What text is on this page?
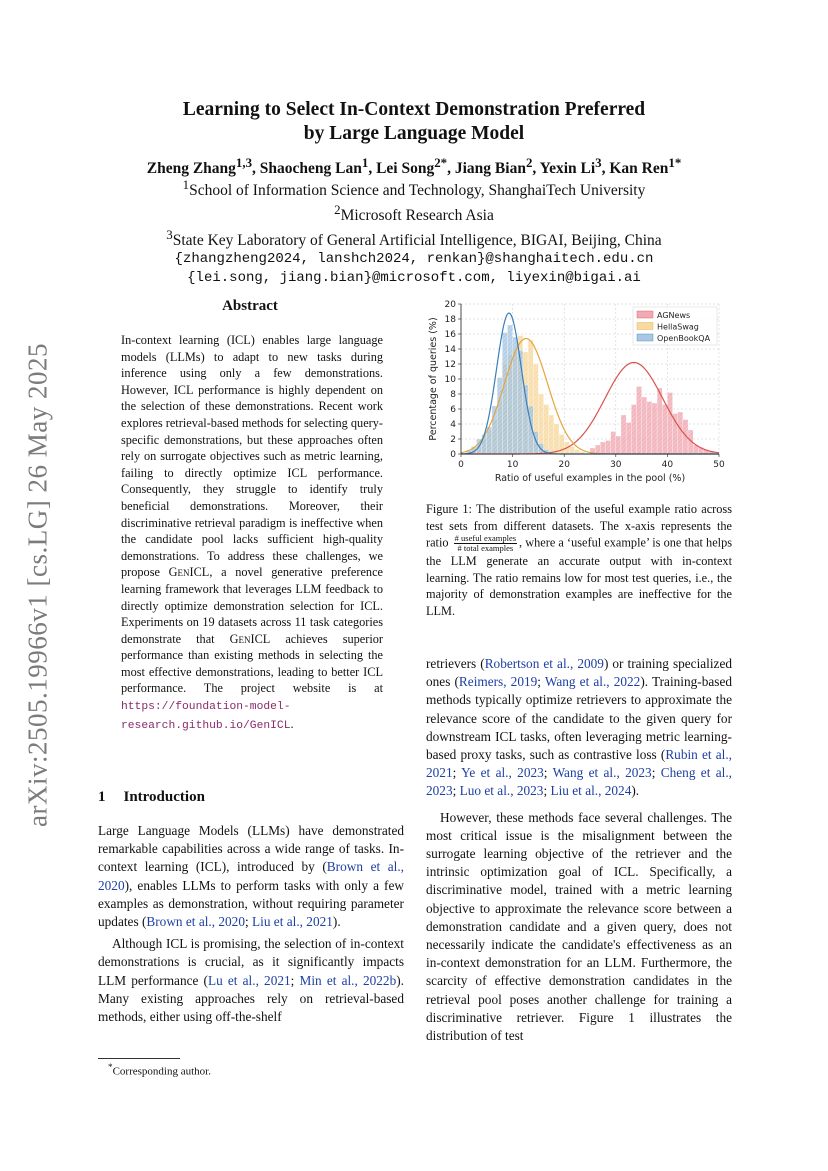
arXiv:2505.19966v1 [cs.LG] 26 May 2025
Learning to Select In-Context Demonstration Preferred
by Large Language Model
Zheng Zhang$^{1,3}$, Shaocheng Lan$^1$, Lei Song$^{2*}$, Jiang Bian$^2$, Yexin Li$^3$, Kan Ren$^{1*}$
$^1$School of Information Science and Technology, ShanghaiTech University
$^2$Microsoft Research Asia
$^3$State Key Laboratory of General Artificial Intelligence, BIGAI, Beijing, China
{zhangzheng2024, lanshch2024, renkan}@shanghaitech.edu.cn
{lei.song, jiang.bian}@microsoft.com, liyexin@bigai.ai
Abstract
In-context learning (ICL) enables large language models (LLMs) to adapt to new tasks during inference using only a few demonstrations. However, ICL performance is highly dependent on the selection of these demonstrations. Recent work explores retrieval-based methods for selecting query-specific demonstrations, but these approaches often rely on surrogate objectives such as metric learning, failing to directly optimize ICL performance. Consequently, they struggle to identify truly beneficial demonstrations. Moreover, their discriminative retrieval paradigm is ineffective when the candidate pool lacks sufficient high-quality demonstrations. To address these challenges, we propose GenICL, a novel generative preference learning framework that leverages LLM feedback to directly optimize demonstration selection for ICL. Experiments on 19 datasets across 11 task categories demonstrate that GenICL achieves superior performance than existing methods in selecting the most effective demonstrations, leading to better ICL performance. The project website is at https://foundation-model-research.github.io/GenICL.
1 Introduction

Large Language Models (LLMs) have demonstrated remarkable capabilities across a wide range of tasks. In-context learning (ICL), introduced by (Brown et al., 2020), enables LLMs to perform tasks with only a few examples as demonstration, without requiring parameter updates (Brown et al., 2020; Liu et al., 2021).

Although ICL is promising, the selection of in-context demonstrations is crucial, as it significantly impacts LLM performance (Lu et al., 2021; Min et al., 2022b). Many existing approaches rely on retrieval-based methods, either using off-the-shelf

*Corresponding author.
0
2
4
6
8
10
12
14
16
18
20
0	10	20	30	40	50
Ratio of useful examples in the pool (%)
Percentage of queries (%)
AGNews
HellaSwag
OpenBookQA
Figure 1: The distribution of the useful example ratio across test sets from different datasets. The x-axis represents the ratio $\frac{\text{\# useful examples}}{\text{\# total examples}}$ , where a ‘useful example’ is one that helps the LLM generate an accurate output with in-context learning. The ratio remains low for most test queries, i.e., the majority of demonstration examples are ineffective for the LLM.

retrievers (Robertson et al., 2009) or training specialized ones (Reimers, 2019; Wang et al., 2022). Training-based methods typically optimize retrievers to approximate the relevance score of the candidate to the given query for downstream ICL tasks, often leveraging metric learning-based proxy tasks, such as contrastive loss (Rubin et al., 2021; Ye et al., 2023; Wang et al., 2023; Cheng et al., 2023; Luo et al., 2023; Liu et al., 2024).

However, these methods face several challenges. The most critical issue is the misalignment between the surrogate learning objective of the retriever and the intrinsic optimization goal of ICL. Specifically, a discriminative model, trained with a metric learning objective to approximate the relevance score between a demonstration candidate and a given query, does not necessarily indicate the candidate's effectiveness as an in-context demonstration for an LLM. Furthermore, the scarcity of effective demonstration candidates in the retrieval pool poses another challenge for training a discriminative retriever. Figure 1 illustrates the distribution of test
